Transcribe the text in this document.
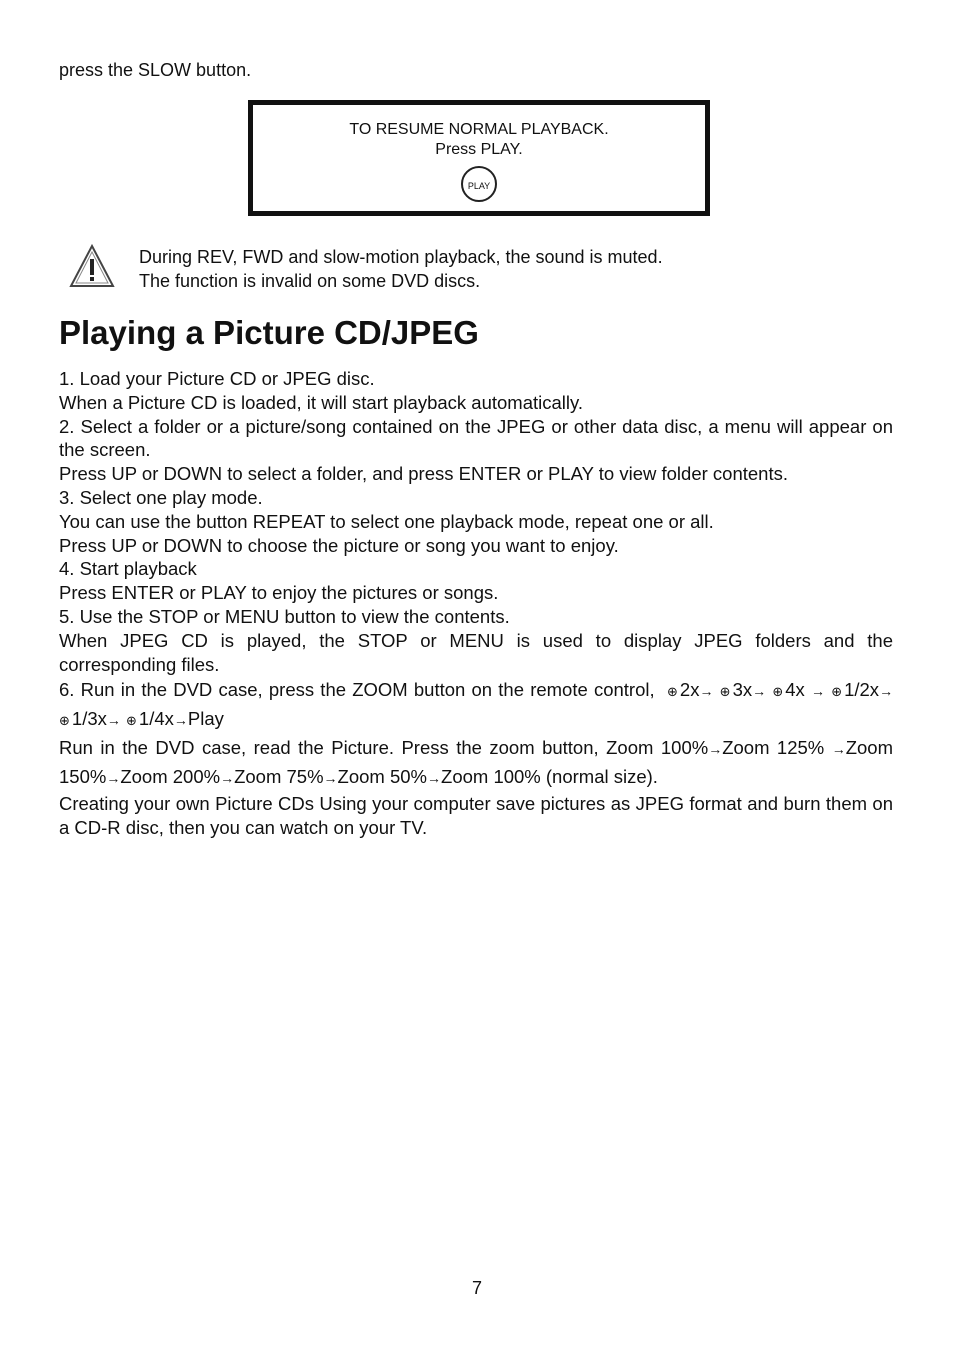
press the SLOW button.
TO RESUME NORMAL PLAYBACK.
Press PLAY.
PLAY
During REV, FWD and slow-motion playback, the sound is muted.
The function is invalid on some DVD discs.
Playing a Picture CD/JPEG

1. Load your Picture CD or JPEG disc.

When a Picture CD is loaded, it will start playback automatically.

2. Select a folder or a picture/song contained on the JPEG or other data disc, a menu will appear on the screen.

Press UP or DOWN to select a folder, and press ENTER or PLAY to view folder contents.

3. Select one play mode.

You can use the button REPEAT to select one playback mode, repeat one or all.

Press UP or DOWN to choose the picture or song you want to enjoy.

4. Start playback

Press ENTER or PLAY to enjoy the pictures or songs.

5. Use the STOP or MENU button to view the contents.

When JPEG CD is played, the STOP or MENU is used to display JPEG folders and the corresponding files.

6. Run in the DVD case, press the ZOOM button on the remote control, ⊕ 2x→ ⊕ 3x→ ⊕ 4x → ⊕ 1/2x→ ⊕ 1/3x→ ⊕ 1/4x→Play

Run in the DVD case, read the Picture. Press the zoom button, Zoom 100%→Zoom 125% →Zoom 150%→Zoom 200%→Zoom 75%→Zoom 50%→Zoom 100% (normal size).

Creating your own Picture CDs Using your computer save pictures as JPEG format and burn them on a CD-R disc, then you can watch on your TV.

7
